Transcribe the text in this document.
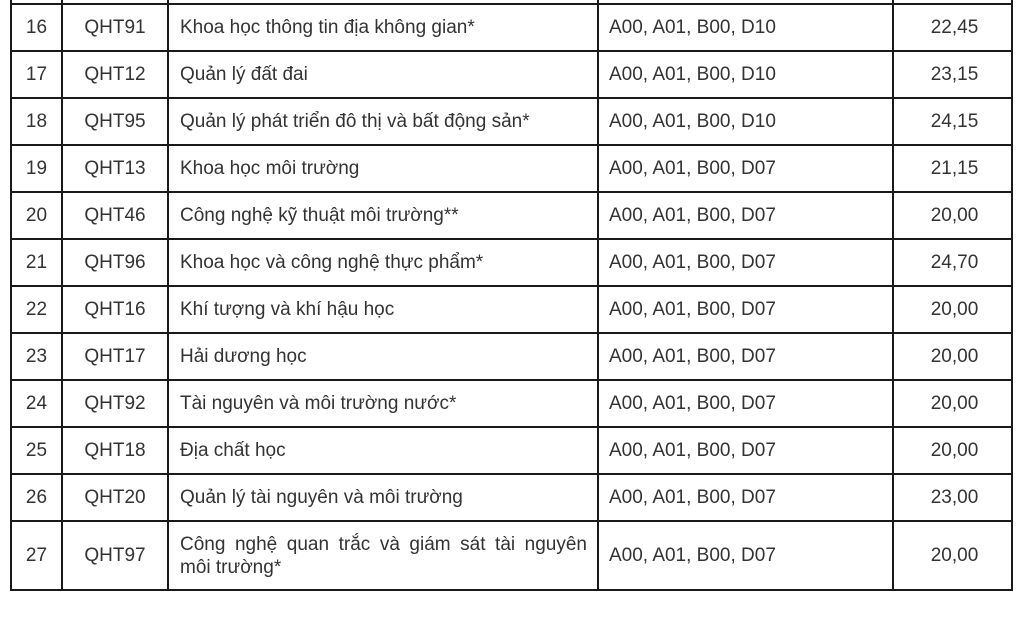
16	QHT91	Khoa học thông tin địa không gian*	A00, A01, B00, D10	22,45
17	QHT12	Quản lý đất đai	A00, A01, B00, D10	23,15
18	QHT95	Quản lý phát triển đô thị và bất động sản*	A00, A01, B00, D10	24,15
19	QHT13	Khoa học môi trường	A00, A01, B00, D07	21,15
20	QHT46	Công nghệ kỹ thuật môi trường**	A00, A01, B00, D07	20,00
21	QHT96	Khoa học và công nghệ thực phẩm*	A00, A01, B00, D07	24,70
22	QHT16	Khí tượng và khí hậu học	A00, A01, B00, D07	20,00
23	QHT17	Hải dương học	A00, A01, B00, D07	20,00
24	QHT92	Tài nguyên và môi trường nước*	A00, A01, B00, D07	20,00
25	QHT18	Địa chất học	A00, A01, B00, D07	20,00
26	QHT20	Quản lý tài nguyên và môi trường	A00, A01, B00, D07	23,00
27	QHT97	Công nghệ quan trắc và giám sát tài nguyên môi trường*	A00, A01, B00, D07	20,00
